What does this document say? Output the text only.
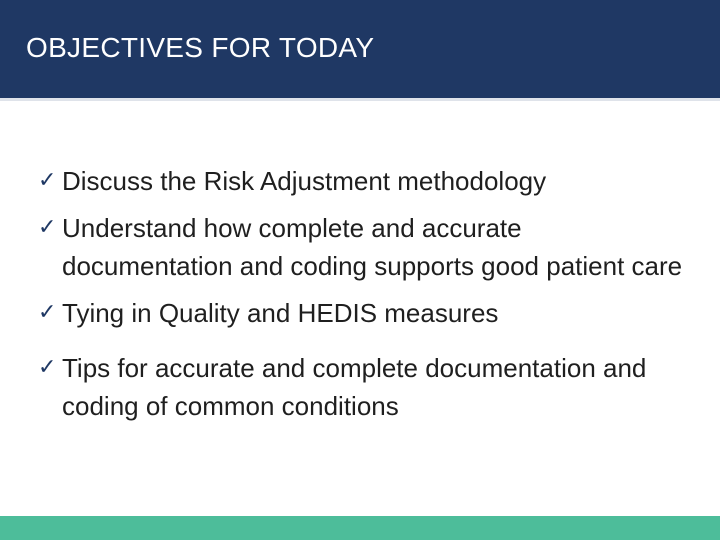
OBJECTIVES FOR TODAY
✓ Discuss the Risk Adjustment methodology
✓ Understand how complete and accurate documentation and coding supports good patient care
✓ Tying in Quality and HEDIS measures
✓ Tips for accurate and complete documentation and coding of common conditions
